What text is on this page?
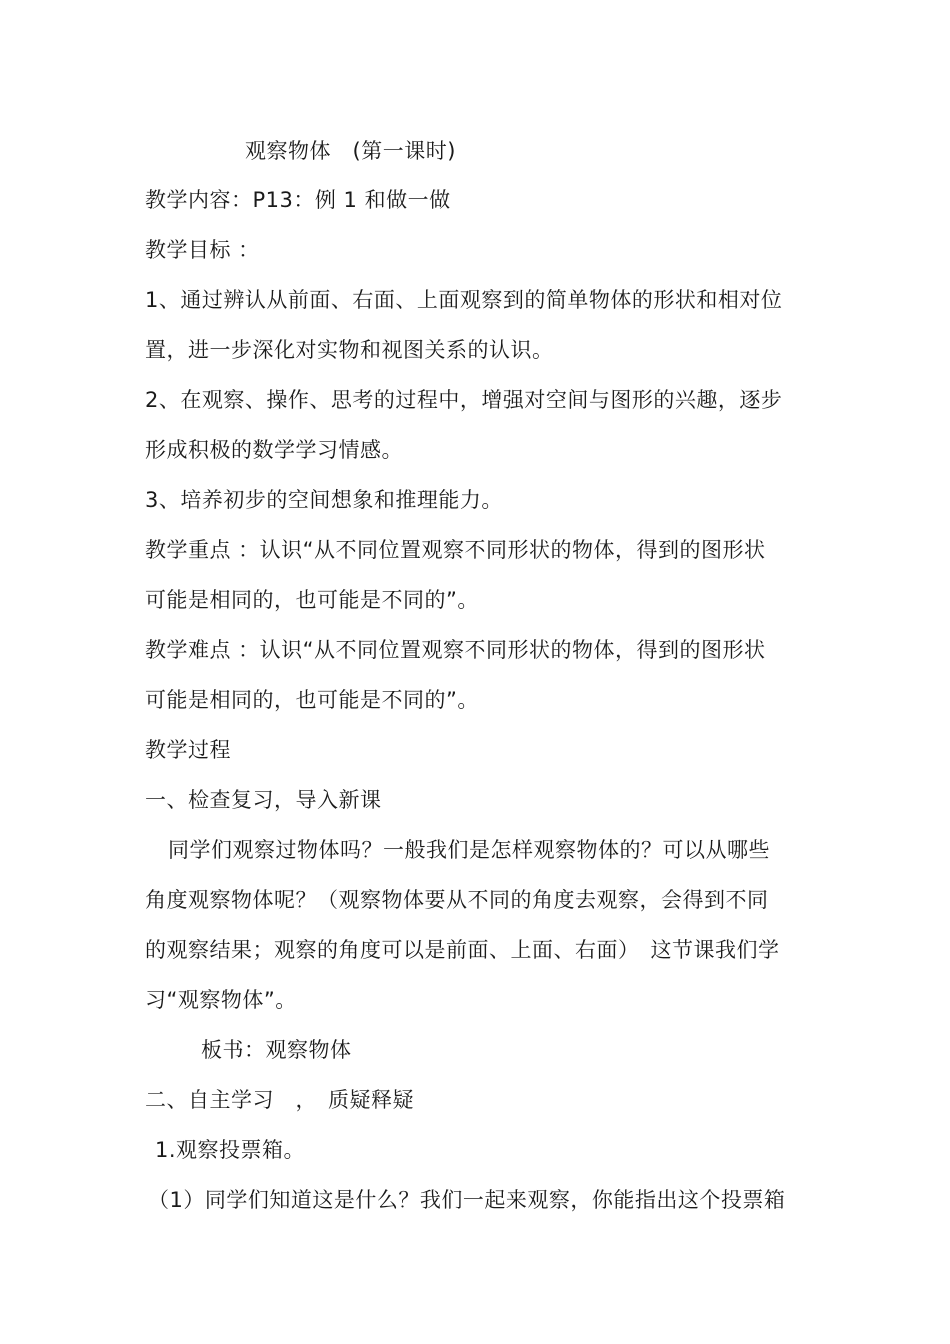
观察物体　(第一课时)
教学内容：P13：例 1 和做一做
教学目标 ：
1、通过辨认从前面、右面、上面观察到的简单物体的形状和相对位
置，进一步深化对实物和视图关系的认识。
2、在观察、操作、思考的过程中，增强对空间与图形的兴趣，逐步
形成积极的数学学习情感。
3、培养初步的空间想象和推理能力。
教学重点 ：认识“从不同位置观察不同形状的物体，得到的图形状
可能是相同的，也可能是不同的”。
教学难点 ：认识“从不同位置观察不同形状的物体，得到的图形状
可能是相同的，也可能是不同的”。
教学过程
一、检查复习，导入新课
同学们观察过物体吗？一般我们是怎样观察物体的？可以从哪些
角度观察物体呢？（观察物体要从不同的角度去观察，会得到不同
的观察结果；观察的角度可以是前面、上面、右面）　这节课我们学
习“观察物体”。
板书：观察物体
二、自主学习　，　质疑释疑
1.观察投票箱。
（1）同学们知道这是什么？我们一起来观察，你能指出这个投票箱
